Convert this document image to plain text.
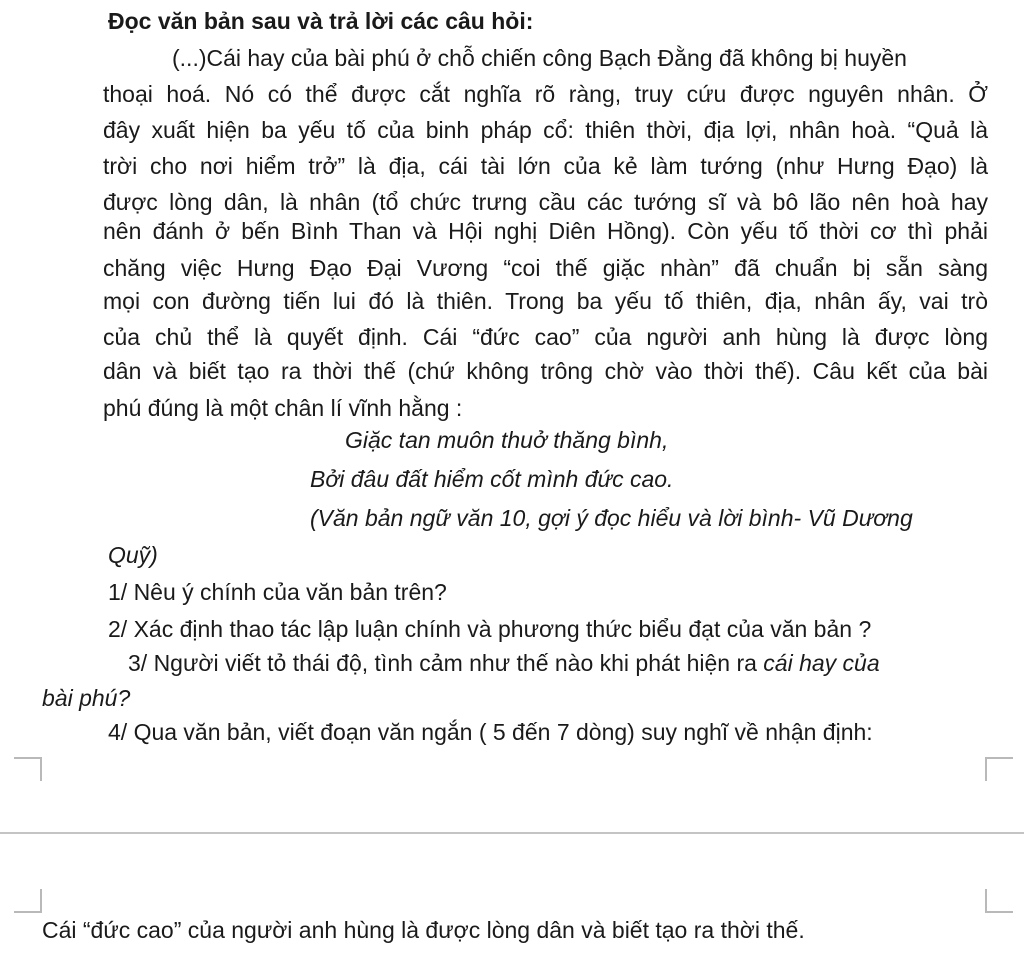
Đọc văn bản sau và trả lời các câu hỏi:
(...)Cái hay của bài phú ở chỗ chiến công Bạch Đằng đã không bị huyền
thoại hoá. Nó có thể được cắt nghĩa rõ ràng, truy cứu được nguyên nhân. Ở
đây xuất hiện ba yếu tố của binh pháp cổ: thiên thời, địa lợi, nhân hoà. “Quả là
trời cho nơi hiểm trở” là địa, cái tài lớn của kẻ làm tướng (như Hưng Đạo) là
được lòng dân, là nhân (tổ chức trưng cầu các tướng sĩ và bô lão nên hoà hay
nên đánh ở bến Bình Than và Hội nghị Diên Hồng). Còn yếu tố thời cơ thì phải
chăng việc Hưng Đạo Đại Vương “coi thế giặc nhàn” đã chuẩn bị sẵn sàng
mọi con đường tiến lui đó là thiên. Trong ba yếu tố thiên, địa, nhân ấy, vai trò
của chủ thể là quyết định. Cái “đức cao” của người anh hùng là được lòng
dân và biết tạo ra thời thế (chứ không trông chờ vào thời thế). Câu kết của bài
phú đúng là một chân lí vĩnh hằng :
Giặc tan muôn thuở thăng bình,
Bởi đâu đất hiểm cốt mình đức cao.
(Văn bản ngữ văn 10, gợi ý đọc hiểu và lời bình- Vũ Dương
Quỹ)
1/ Nêu ý chính của văn bản trên?
2/ Xác định thao tác lập luận chính và phương thức biểu đạt của văn bản ?
3/ Người viết tỏ thái độ, tình cảm như thế nào khi phát hiện ra cái hay của
bài phú?
4/ Qua văn bản, viết đoạn văn ngắn ( 5 đến 7 dòng) suy nghĩ về nhận định:
Cái “đức cao” của người anh hùng là được lòng dân và biết tạo ra thời thế.
